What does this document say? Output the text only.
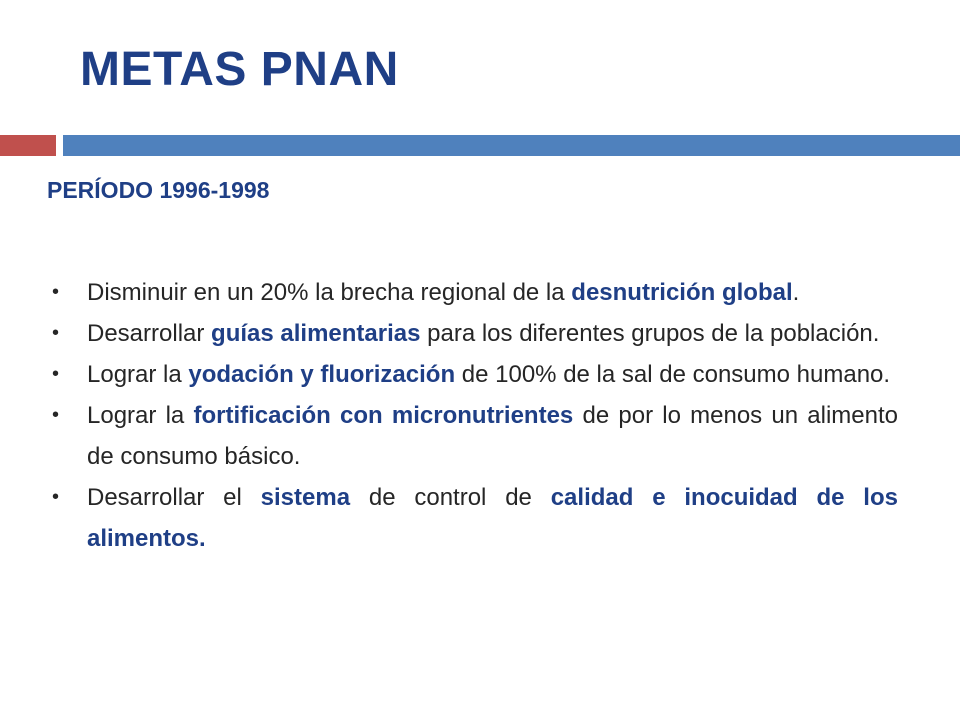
METAS PNAN
PERÍODO 1996-1998
• Disminuir en un 20% la brecha regional de la desnutrición global.
• Desarrollar guías alimentarias para los diferentes grupos de la población.
• Lograr la yodación y fluorización de 100% de la sal de consumo humano.
• Lograr la fortificación con micronutrientes de por lo menos un alimento de consumo básico.
• Desarrollar el sistema de control de calidad e inocuidad de los alimentos.
